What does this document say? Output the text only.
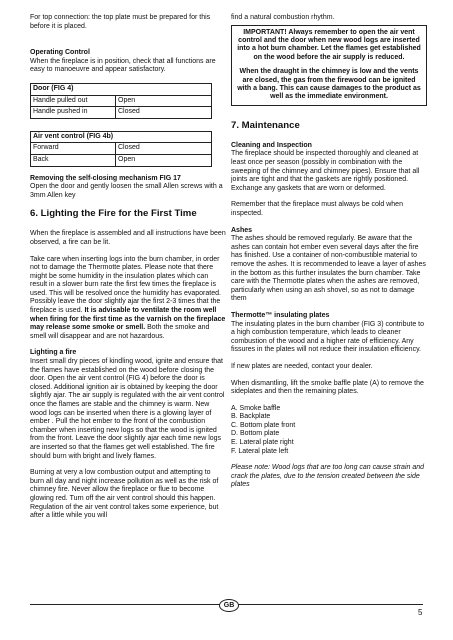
For top connection: the top plate must be prepared for this before it is placed.

Operating Control

When the fireplace is in position, check that all functions are easy to manoeuvre and appear satisfactory.

Door (FIG 4)	
Handle pulled out	Open
Handle pushed in	Closed
Air vent control (FIG 4b)	
Forward	Closed
Back	Open

Removing the self-closing mechanism FIG 17

Open the door and gently loosen the small Allen screws with a 3mm Allen key

6. Lighting the Fire for the First Time

When the fireplace is assembled and all instructions have been observed, a fire can be lit.

Take care when inserting logs into the burn chamber, in order not to damage the Thermotte plates. Please note that there might be some humidity in the insulation plates which can result in a slower burn rate the first few times the fireplace is used. This will be resolved once the humidity has evaporated. Possibly leave the door slightly ajar the first 2-3 times that the fireplace is used. It is advisable to ventilate the room well when firing for the first time as the varnish on the fireplace may release some smoke or smell. Both the smoke and smell will disappear and are not hazardous.

Lighting a fire

Insert small dry pieces of kindling wood, ignite and ensure that the flames have established on the wood before closing the door. Open the air vent control (FIG 4) before the door is closed. Additional ignition air is obtained by keeping the door slightly ajar. The air supply is regulated with the air vent control once the flames are stable and the chimney is warm. New wood logs can be inserted when there is a glowing layer of ember . Pull the hot ember to the front of the combustion chamber when inserting new logs so that the wood is ignited from the front. Leave the door slightly ajar each time new logs are inserted so that the flames get well established. The fire should burn with bright and lively flames.

Burning at very a low combustion output and attempting to burn all day and night increase pollution as well as the risk of chimney fire. Never allow the fireplace or flue to become glowing red. Turn off the air vent control should this happen. Regulation of the air vent control takes some experience, but after a little while you will

find a natural combustion rhythm.

IMPORTANT! Always remember to open the air vent control and the door when new wood logs are inserted into a hot burn chamber. Let the flames get established on the wood before the air supply is reduced.

When the draught in the chimney is low and the vents are closed, the gas from the firewood can be ignited with a bang. This can cause damages to the product as well as the immediate environment.

7. Maintenance

Cleaning and Inspection

The fireplace should be inspected thoroughly and cleaned at least once per season (possibly in combination with the sweeping of the chimney and chimney pipes). Ensure that all joints are tight and that the gaskets are rightly positioned. Exchange any gaskets that are worn or deformed.

Remember that the fireplace must always be cold when inspected.

Ashes

The ashes should be removed regularly. Be aware that the ashes can contain hot ember even several days after the fire has finished. Use a container of non-combustible material to remove the ashes. It is recommended to leave a layer of ashes in the bottom as this further insulates the burn chamber. Take care with the Thermotte plates when the ashes are removed, particularly when using an ash shovel, so as not to damage them

Thermotte™ insulating plates

The insulating plates in the burn chamber (FIG 3) contribute to a high combustion temperature, which leads to cleaner combustion of the wood and a higher rate of efficiency. Any fissures in the plates will not reduce their insulation efficiency.

If new plates are needed, contact your dealer.

When dismantling, lift the smoke baffle plate (A) to remove the sideplates and then the remaining plates.

A. Smoke baffle
B. Backplate
C. Bottom plate front
D. Bottom plate
E. Lateral plate right
F. Lateral plate left

Please note: Wood logs that are too long can cause strain and crack the plates, due to the tension created between the side plates

GB
5
